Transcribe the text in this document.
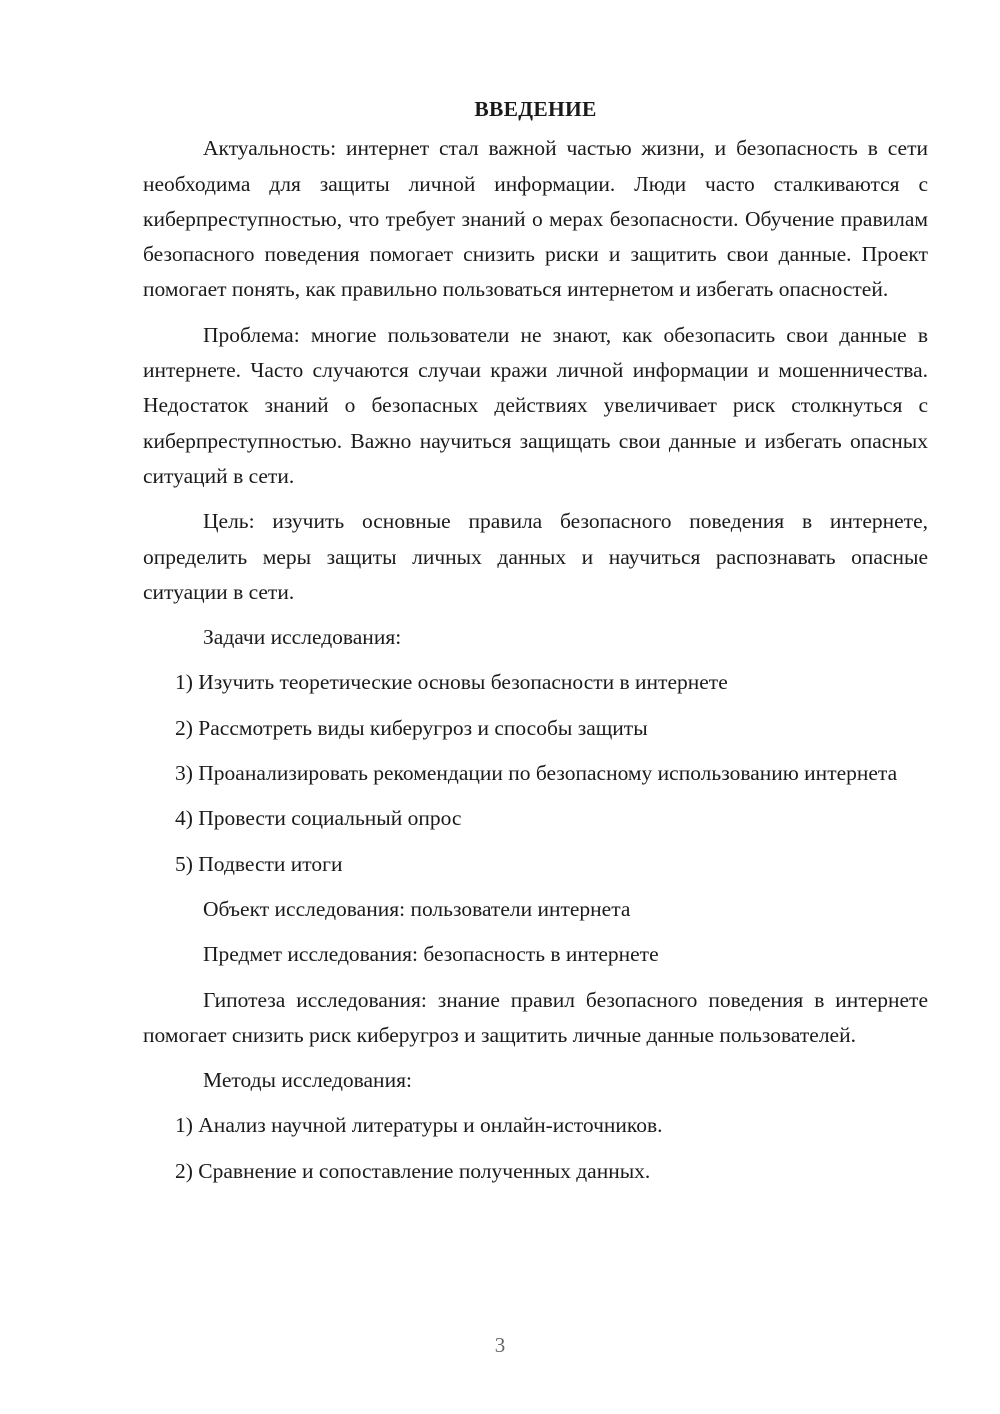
ВВЕДЕНИЕ

Актуальность: интернет стал важной частью жизни, и безопасность в сети необходима для защиты личной информации. Люди часто сталкиваются с киберпреступностью, что требует знаний о мерах безопасности. Обучение правилам безопасного поведения помогает снизить риски и защитить свои данные. Проект помогает понять, как правильно пользоваться интернетом и избегать опасностей.

Проблема: многие пользователи не знают, как обезопасить свои данные в интернете. Часто случаются случаи кражи личной информации и мошенничества. Недостаток знаний о безопасных действиях увеличивает риск столкнуться с киберпреступностью. Важно научиться защищать свои данные и избегать опасных ситуаций в сети.

Цель: изучить основные правила безопасного поведения в интернете, определить меры защиты личных данных и научиться распознавать опасные ситуации в сети.

Задачи исследования:

1) Изучить теоретические основы безопасности в интернете

2) Рассмотреть виды киберугроз и способы защиты

3) Проанализировать рекомендации по безопасному использованию интернета

4) Провести социальный опрос

5) Подвести итоги

Объект исследования: пользователи интернета

Предмет исследования: безопасность в интернете

Гипотеза исследования: знание правил безопасного поведения в интернете помогает снизить риск киберугроз и защитить личные данные пользователей.

Методы исследования:

1) Анализ научной литературы и онлайн-источников.

2) Сравнение и сопоставление полученных данных.

3
